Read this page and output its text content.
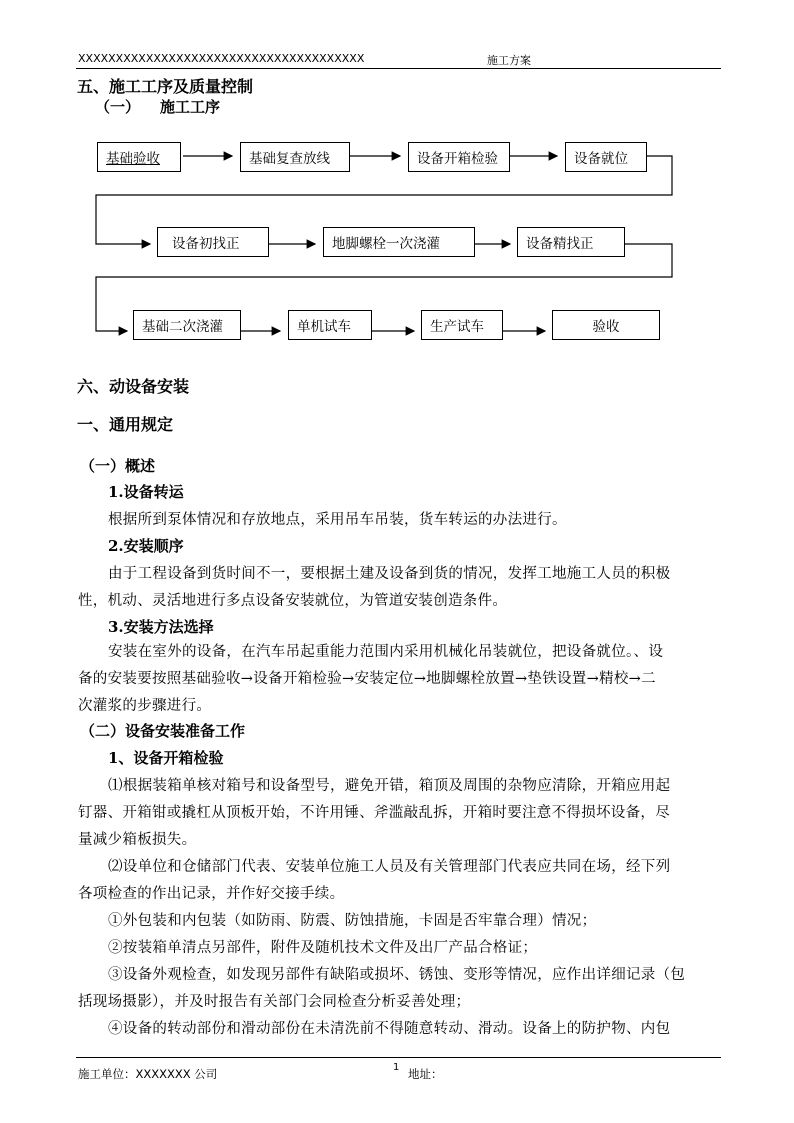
XXXXXXXXXXXXXXXXXXXXXXXXXXXXXXXXXXXXXX	施工方案
五、施工工序及质量控制
（一） 施工工序
基础验收	基础复查放线	设备开箱检验	设备就位
设备初找正	地脚螺栓一次浇灌	设备精找正
基础二次浇灌	单机试车	生产试车	验收
六、动设备安装
一、通用规定
（一）概述
1.设备转运
根据所到泵体情况和存放地点，采用吊车吊装，货车转运的办法进行。
2.安装顺序
由于工程设备到货时间不一，要根据土建及设备到货的情况，发挥工地施工人员的积极
性，机动、灵活地进行多点设备安装就位，为管道安装创造条件。
3.安装方法选择
安装在室外的设备，在汽车吊起重能力范围内采用机械化吊装就位，把设备就位。、设
备的安装要按照基础验收→设备开箱检验→安装定位→地脚螺栓放置→垫铁设置→精校→二
次灌浆的步骤进行。
（二）设备安装准备工作
1、设备开箱检验
⑴根据装箱单核对箱号和设备型号，避免开错，箱顶及周围的杂物应清除，开箱应用起
钉器、开箱钳或撬杠从顶板开始，不许用锤、斧滥敲乱拆，开箱时要注意不得损坏设备，尽
量减少箱板损失。
⑵设单位和仓储部门代表、安装单位施工人员及有关管理部门代表应共同在场，经下列
各项检查的作出记录，并作好交接手续。
①外包装和内包装（如防雨、防震、防蚀措施，卡固是否牢靠合理）情况；
②按装箱单清点另部件，附件及随机技术文件及出厂产品合格证；
③设备外观检查，如发现另部件有缺陷或损坏、锈蚀、变形等情况，应作出详细记录（包
括现场摄影），并及时报告有关部门会同检查分析妥善处理；
④设备的转动部份和滑动部份在未清洗前不得随意转动、滑动。设备上的防护物、内包
施工单位：XXXXXXX 公司	1 地址：
